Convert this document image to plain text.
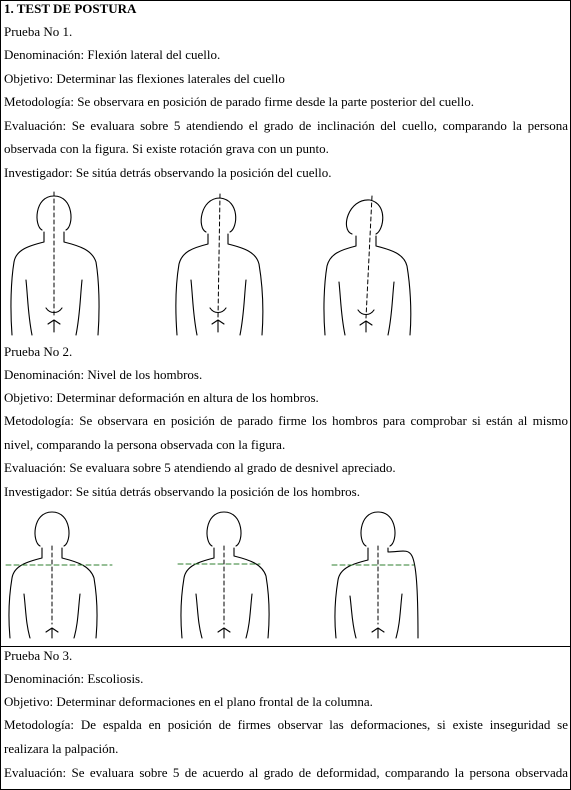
1. TEST DE POSTURA
Prueba No 1.
Denominación: Flexión lateral del cuello.
Objetivo: Determinar las flexiones laterales del cuello
Metodología: Se observara en posición de parado firme desde la parte posterior del cuello.
Evaluación: Se evaluara sobre 5 atendiendo el grado de inclinación del cuello, comparando la persona
observada con la figura. Si existe rotación grava con un punto.
Investigador: Se sitúa detrás observando la posición del cuello.
Prueba No 2.
Denominación: Nivel de los hombros.
Objetivo: Determinar deformación en altura de los hombros.
Metodología: Se observara en posición de parado firme los hombros para comprobar si están al mismo
nivel, comparando la persona observada con la figura.
Evaluación: Se evaluara sobre 5 atendiendo al grado de desnivel apreciado.
Investigador: Se sitúa detrás observando la posición de los hombros.
Prueba No 3.
Denominación: Escoliosis.
Objetivo: Determinar deformaciones en el plano frontal de la columna.
Metodología: De espalda en posición de firmes observar las deformaciones, si existe inseguridad se
realizara la palpación.
Evaluación: Se evaluara sobre 5 de acuerdo al grado de deformidad, comparando la persona observada
